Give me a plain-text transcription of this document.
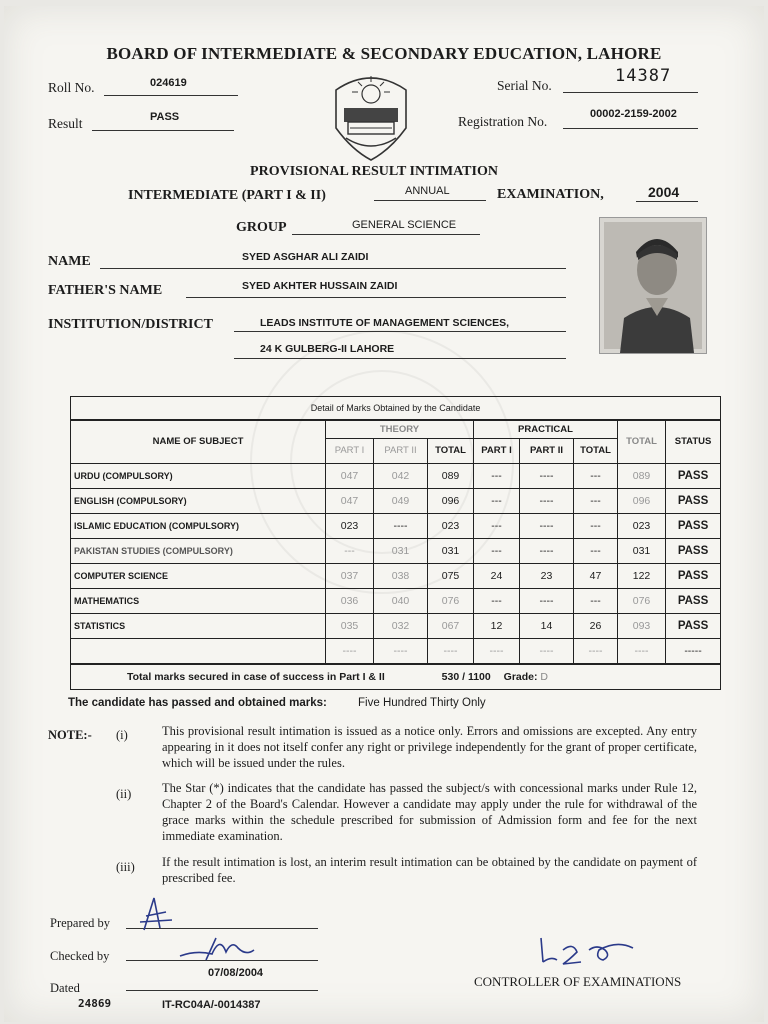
BOARD OF INTERMEDIATE & SECONDARY EDUCATION, LAHORE
Roll No.	024619
Result	PASS
Serial No.	14387
Registration No.	00002-2159-2002
PROVISIONAL RESULT INTIMATION
INTERMEDIATE (PART I & II)	ANNUAL	EXAMINATION,	2004
GROUP	GENERAL SCIENCE
NAME	SYED ASGHAR ALI ZAIDI
FATHER'S NAME	SYED AKHTER HUSSAIN ZAIDI
INSTITUTION/DISTRICT	LEADS INSTITUTE OF MANAGEMENT SCIENCES,
24 K GULBERG-II LAHORE
Detail of Marks Obtained by the Candidate								
NAME OF SUBJECT	THEORY			PRACTICAL			TOTAL	STATUS
	PART I	PART II	TOTAL	PART I	PART II	TOTAL		
URDU (COMPULSORY)	047	042	089	---	----	---	089	PASS
ENGLISH (COMPULSORY)	047	049	096	---	----	---	096	PASS
ISLAMIC EDUCATION (COMPULSORY)	023	----	023	---	----	---	023	PASS
PAKISTAN STUDIES (COMPULSORY)	---	031	031	---	----	---	031	PASS
COMPUTER SCIENCE	037	038	075	24	23	47	122	PASS
MATHEMATICS	036	040	076	---	----	---	076	PASS
STATISTICS	035	032	067	12	14	26	093	PASS
	----	----	----	----	----	----	----	-----
Total marks secured in case of success in Part I & II 530 / 1100 Grade: D								
The candidate has passed and obtained marks:	Five Hundred Thirty Only
NOTE:- (i)	This provisional result intimation is issued as a notice only. Errors and omissions are excepted. Any entry appearing in it does not itself confer any right or privilege independently for the grant of proper certificate, which will be issued under the rules.
(ii) The Star (*) indicates that the candidate has passed the subject/s with concessional marks under Rule 12, Chapter 2 of the Board's Calendar. However a candidate may apply under the rule for withdrawal of the grace marks within the schedule prescribed for submission of Admission form and fee for the next immediate examination.
(iii) If the result intimation is lost, an interim result intimation can be obtained by the candidate on payment of prescribed fee.
Prepared by
Checked by
Dated
07/08/2004
24869	IT-RC04A/-0014387
CONTROLLER OF EXAMINATIONS
